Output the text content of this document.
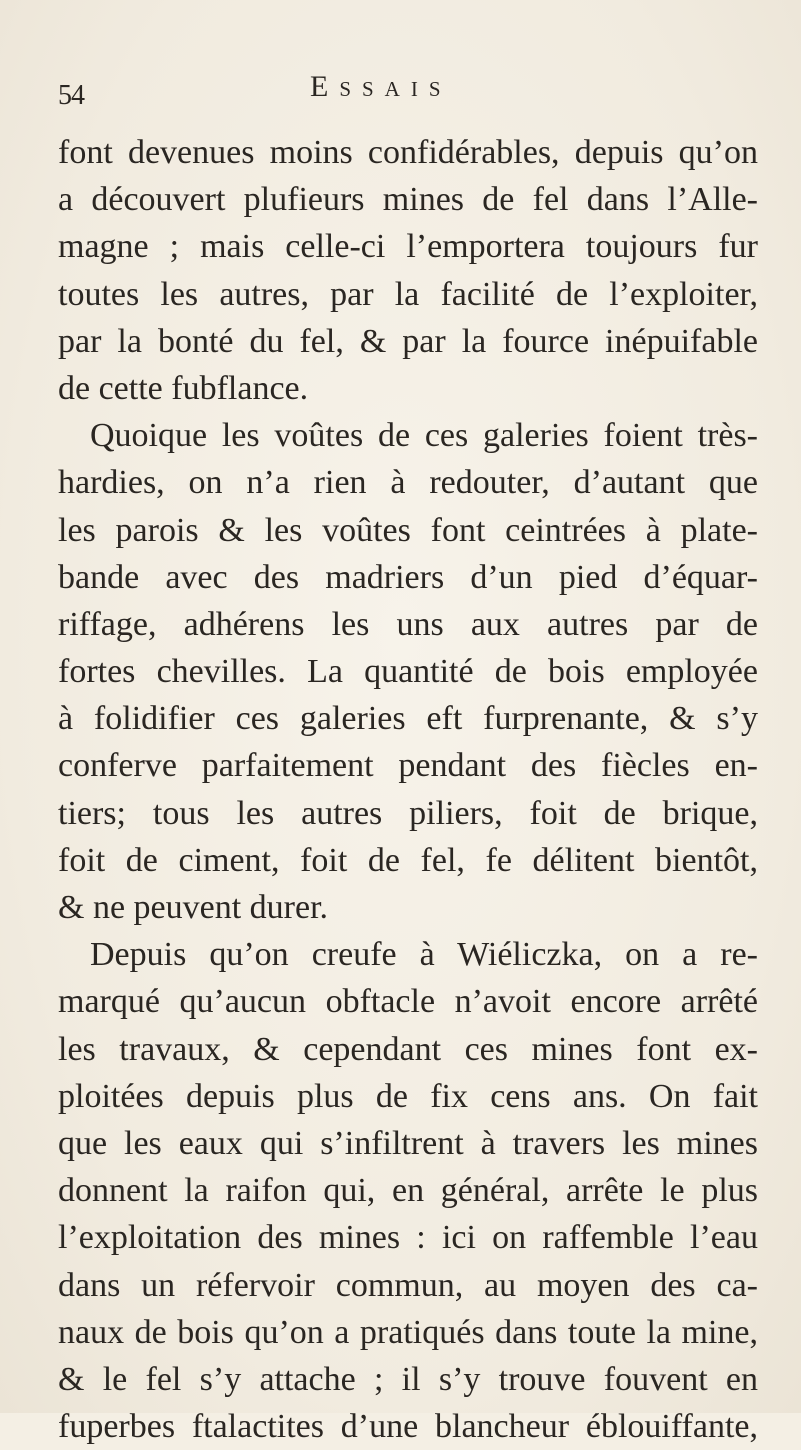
54	Essais
font devenues moins confidérables, depuis qu’on
a découvert plufieurs mines de fel dans l’Alle-
magne ; mais celle-ci l’emportera toujours fur
toutes les autres, par la facilité de l’exploiter,
par la bonté du fel, & par la fource inépuifable
de cette fubflance.
Quoique les voûtes de ces galeries foient très-
hardies, on n’a rien à redouter, d’autant que
les parois & les voûtes font ceintrées à plate-
bande avec des madriers d’un pied d’équar-
riffage, adhérens les uns aux autres par de
fortes chevilles. La quantité de bois employée
à folidifier ces galeries eft furprenante, & s’y
conferve parfaitement pendant des fiècles en-
tiers; tous les autres piliers, foit de brique,
foit de ciment, foit de fel, fe délitent bientôt,
& ne peuvent durer.
Depuis qu’on creufe à Wiéliczka, on a re-
marqué qu’aucun obftacle n’avoit encore arrêté
les travaux, & cependant ces mines font ex-
ploitées depuis plus de fix cens ans. On fait
que les eaux qui s’infiltrent à travers les mines
donnent la raifon qui, en général, arrête le plus
l’exploitation des mines : ici on raffemble l’eau
dans un réfervoir commun, au moyen des ca-
naux de bois qu’on a pratiqués dans toute la mine,
& le fel s’y attache ; il s’y trouve fouvent en
fuperbes ftalactites d’une blancheur éblouiffante,
